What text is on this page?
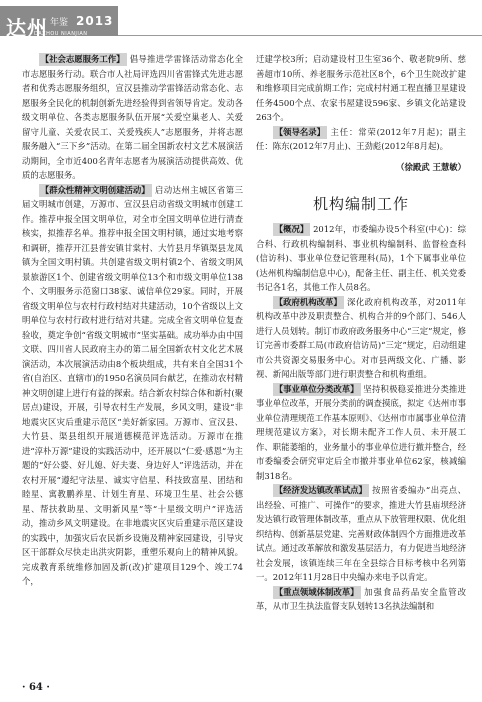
达州 年鉴 2013
DAZHOU NIANJIAN

【社会志愿服务工作】 倡导推进学雷锋活动常态化全市志愿服务行动。联合市人社局评选四川省雷锋式先进志愿者和优秀志愿服务组织，宣汉县推动学雷锋活动常态化、志愿服务全民化的机制创新先进经验得到省领导肯定。发动各级文明单位、各类志愿服务队伍开展“关爱空巢老人、关爱留守儿童、关爱农民工、关爱残疾人”志愿服务，并将志愿服务融入“三下乡”活动。在第二届全国新农村文艺术展演活动期间，全市近400名青年志愿者为展演活动提供高效、优质的志愿服务。

【群众性精神文明创建活动】 启动达州主城区省第三届文明城市创建，万源市、宣汉县启动省级文明城市创建工作。推荐申报全国文明单位，对全市全国文明单位进行清查核实，拟推荐名单。推荐申报全国文明村镇，通过实地考察和调研，推荐开江县普安镇甘棠村、大竹县月华镇渠县龙凤镇为全国文明村镇。共创建省级文明村镇2个、省级文明风景旅游区1个、创建省级文明单位13个和市级文明单位138个、文明服务示范窗口38家、诚信单位29家。同时，开展省级文明单位与农村行政村结对共建活动，10个省级以上文明单位与农村行政村进行结对共建。完成全省文明单位复查验收，奠定争创“省级文明城市”坚实基础。成功举办由中国文联、四川省人民政府主办的第二届全国新农村文化艺术展演活动，本次展演活动由8个板块组成，共有来自全国31个省(自治区、直辖市)的1950名演员同台献艺，在推动农村精神文明创建上进行有益的探索。结合新农村综合体和新村(聚居点)建设，开展，引导农村生产发展，乡风文明，建设“非地震灾区灾后重建示范区”美好新家园。万源市、宣汉县、大竹县、渠县组织开展道德模范评选活动。万源市在推进“淳朴万源”建设的实践活动中，还开展以“仁爱·感恩”为主题的“好公婆、好儿媳、好夫妻、身边好人”评选活动，并在农村开展“遵纪守法星、诚实守信星、科技致富星、团结和睦星、寓教鹏养星、计划生育星、环境卫生星、社会公德星、帮扶救助星、文明新风星”等“十星级文明户”评选活动，推动乡风文明建设。在非地震灾区灾后重建示范区建设的实践中，加强灾后农民新乡设施及精神家园建设，引导灾区干部群众尽快走出洪灾阴影，重塑乐观向上的精神风貌。完成教育系统维修加固及新(改)扩建项目129个、竣工74个，

迁建学校3所；启动建设村卫生室36个、敬老院9所、慈善超市10所、养老服务示范社区8个，6个卫生院改扩建和维修项目完成前期工作；完成村村通工程直播卫星建设任务4500个点、农家书屋建设596家、乡镇文化站建设263个。

【领导名录】 主任：常荣(2012年7月起)；副主任：陈东(2012年7月止)、王劲彪(2012年8月起)。

（徐殿武 王慧敏）

机构编制工作

【概况】 2012年，市委编办设5个科室(中心)：综合科、行政机构编制科、事业机构编制科、监督检查科(信访科)、事业单位登记管理科(局)，1个下属事业单位(达州机构编制信息中心)，配备主任、副主任、机关党委书记各1名，其他工作人员8名。

【政府机构改革】 深化政府机构改革，对2011年机构改革中涉及职责整合、机构合并的9个部门、546人进行人员划转。制订市政府政务服务中心“三定”规定，修订完善市委群工局(市政府信访局)“三定”规定，启动组建市公共资源交易服务中心。对市县两级文化、广播、影视、新闻出版等部门进行职责整合和机构重组。

【事业单位分类改革】 坚持积极稳妥推进分类推进事业单位改革，开展分类前的调查摸底，拟定《达州市事业单位清理规范工作基本原则》、《达州市市属事业单位清理规范建议方案》，对长期未配齐工作人员、未开展工作、职能萎缩的，业务量小的事业单位进行撤并整合，经市委编委会研究审定后全市撤并事业单位62家，核减编制318名。

【经济发达镇改革试点】 按照省委编办“出亮点、出经验、可推广、可操作”的要求，推进大竹县庙坝经济发达镇行政管理体制改革，重点从下放管理权限、优化组织结构、创新基层党建、完善财政体制四个方面推进改革试点。通过改革解放和激发基层活力，有力促进当地经济社会发展，该镇连续三年在全县综合目标考核中名列第一。2012年11月28日中央编办来电予以肯定。

【重点领域体制改革】 加强食品药品安全监管改革，从市卫生执法监督支队划转13名执法编制和

· 64 ·
